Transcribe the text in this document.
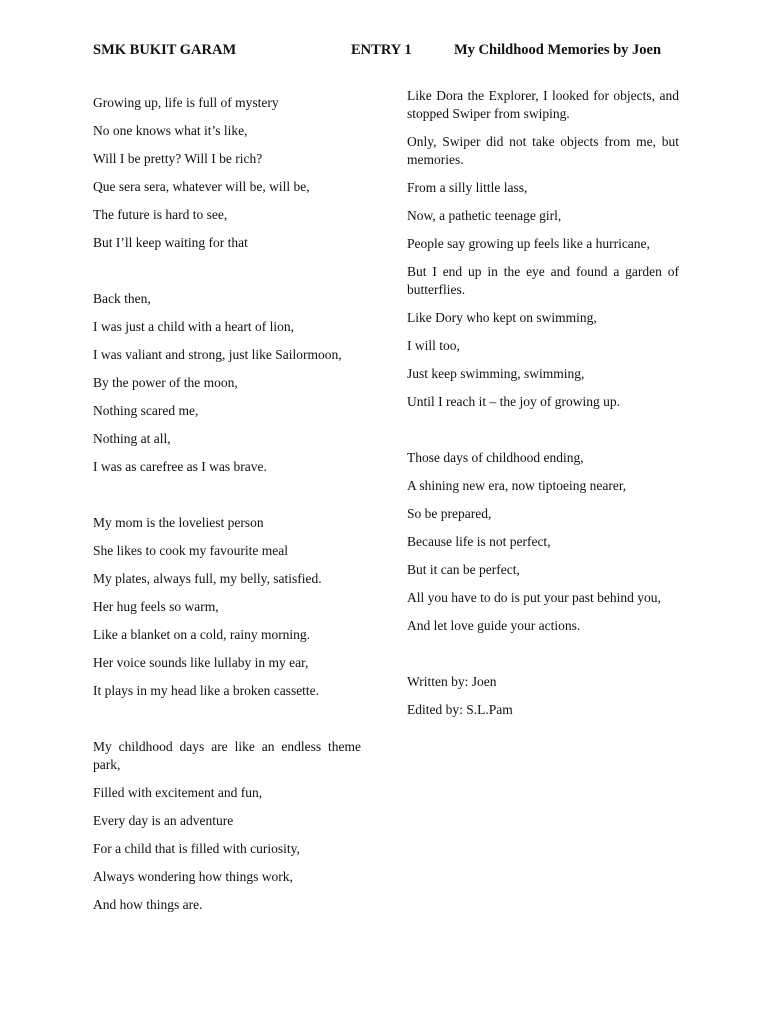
SMK BUKIT GARAM	ENTRY 1	My Childhood Memories by Joen
Growing up, life is full of mystery
No one knows what it’s like,
Will I be pretty? Will I be rich?
Que sera sera, whatever will be, will be,
The future is hard to see,
But I’ll keep waiting for that
Back then,
I was just a child with a heart of lion,
I was valiant and strong, just like Sailormoon,
By the power of the moon,
Nothing scared me,
Nothing at all,
I was as carefree as I was brave.
My mom is the loveliest person
She likes to cook my favourite meal
My plates, always full, my belly, satisfied.
Her hug feels so warm,
Like a blanket on a cold, rainy morning.
Her voice sounds like lullaby in my ear,
It plays in my head like a broken cassette.
My childhood days are like an endless theme park,
Filled with excitement and fun,
Every day is an adventure
For a child that is filled with curiosity,
Always wondering how things work,
And how things are.
Like Dora the Explorer, I looked for objects, and stopped Swiper from swiping.
Only, Swiper did not take objects from me, but memories.
From a silly little lass,
Now, a pathetic teenage girl,
People say growing up feels like a hurricane,
But I end up in the eye and found a garden of butterflies.
Like Dory who kept on swimming,
I will too,
Just keep swimming, swimming,
Until I reach it – the joy of growing up.
Those days of childhood ending,
A shining new era, now tiptoeing nearer,
So be prepared,
Because life is not perfect,
But it can be perfect,
All you have to do is put your past behind you,
And let love guide your actions.
Written by: Joen
Edited by: S.L.Pam
